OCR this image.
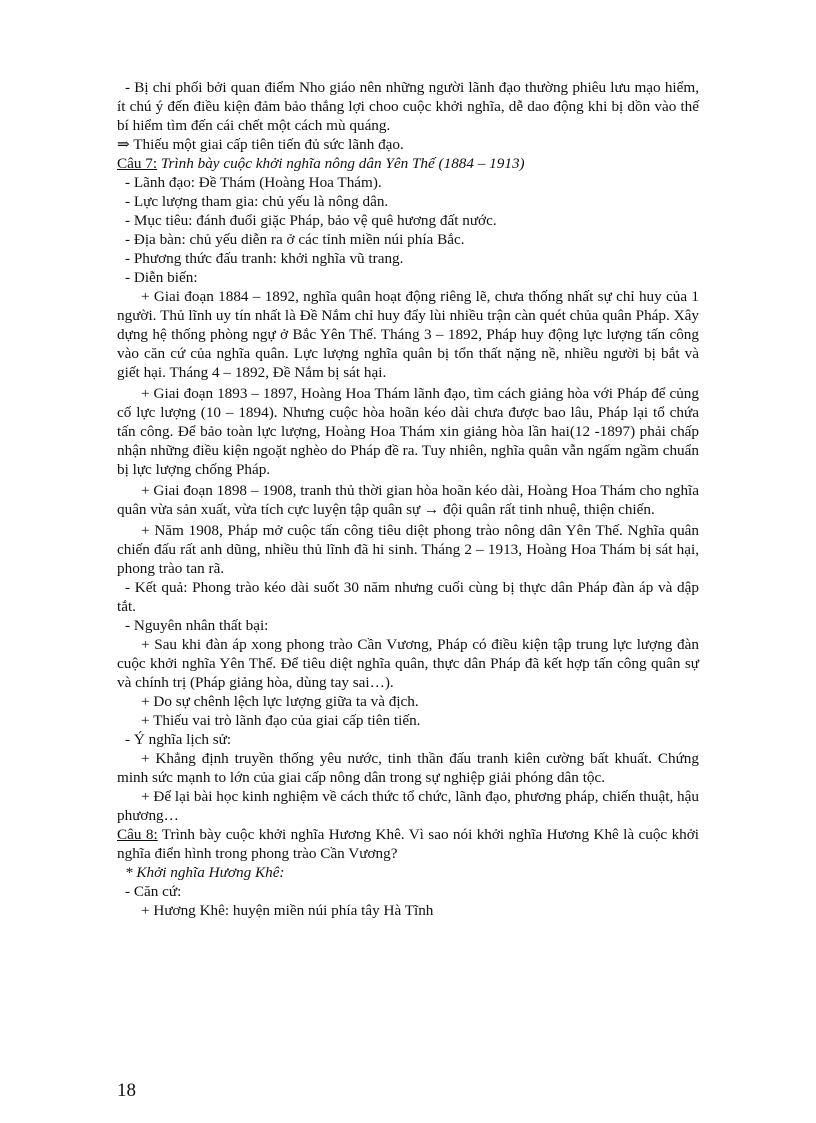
- Bị chi phối bởi quan điểm Nho giáo nên những người lãnh đạo thường phiêu lưu mạo hiểm, ít chú ý đến điều kiện đảm bảo thắng lợi choo cuộc khởi nghĩa, dễ dao động khi bị dồn vào thế bí hiểm tìm đến cái chết một cách mù quáng.

⇒ Thiếu một giai cấp tiên tiến đủ sức lãnh đạo.

Câu 7: Trình bày cuộc khởi nghĩa nông dân Yên Thế (1884 – 1913)

- Lãnh đạo: Đề Thám (Hoàng Hoa Thám).

- Lực lượng tham gia: chủ yếu là nông dân.

- Mục tiêu: đánh đuổi giặc Pháp, bảo vệ quê hương đất nước.

- Địa bàn: chủ yếu diễn ra ở các tỉnh miền núi phía Bắc.

- Phương thức đấu tranh: khởi nghĩa vũ trang.

- Diễn biến:

+ Giai đoạn 1884 – 1892, nghĩa quân hoạt động riêng lẽ, chưa thống nhất sự chỉ huy của 1 người. Thủ lĩnh uy tín nhất là Đề Nắm chỉ huy đẩy lùi nhiều trận càn quét chủa quân Pháp. Xây dựng hệ thống phòng ngự ở Bắc Yên Thế. Tháng 3 – 1892, Pháp huy động lực lượng tấn công vào căn cứ của nghĩa quân. Lực lượng nghĩa quân bị tổn thất nặng nề, nhiều người bị bắt và giết hại. Tháng 4 – 1892, Đề Nắm bị sát hại.

+ Giai đoạn 1893 – 1897, Hoàng Hoa Thám lãnh đạo, tìm cách giảng hòa với Pháp để củng cố lực lượng (10 – 1894). Nhưng cuộc hòa hoãn kéo dài chưa được bao lâu, Pháp lại tổ chứa tấn công. Để bảo toàn lực lượng, Hoàng Hoa Thám xin giảng hòa lần hai(12 -1897) phải chấp nhận những điều kiện ngoặt nghèo do Pháp đề ra. Tuy nhiên, nghĩa quân vẫn ngấm ngầm chuẩn bị lực lượng chống Pháp.

+ Giai đoạn 1898 – 1908, tranh thủ thời gian hòa hoãn kéo dài, Hoàng Hoa Thám cho nghĩa quân vừa sản xuất, vừa tích cực luyện tập quân sự → đội quân rất tinh nhuệ, thiện chiến.

+ Năm 1908, Pháp mở cuộc tấn công tiêu diệt phong trào nông dân Yên Thế. Nghĩa quân chiến đấu rất anh dũng, nhiều thủ lĩnh đã hi sinh. Tháng 2 – 1913, Hoàng Hoa Thám bị sát hại, phong trào tan rã.

- Kết quả: Phong trào kéo dài suốt 30 năm nhưng cuối cùng bị thực dân Pháp đàn áp và dập tắt.

- Nguyên nhân thất bại:

+ Sau khi đàn áp xong phong trào Cần Vương, Pháp có điều kiện tập trung lực lượng đàn cuộc khởi nghĩa Yên Thế. Để tiêu diệt nghĩa quân, thực dân Pháp đã kết hợp tấn công quân sự và chính trị (Pháp giảng hòa, dùng tay sai…).

+ Do sự chênh lệch lực lượng giữa ta và địch.

+ Thiếu vai trò lãnh đạo của giai cấp tiên tiến.

- Ý nghĩa lịch sử:

+ Khẳng định truyền thống yêu nước, tinh thần đấu tranh kiên cường bất khuất. Chứng minh sức mạnh to lớn của giai cấp nông dân trong sự nghiệp giải phóng dân tộc.

+ Để lại bài học kinh nghiệm về cách thức tổ chức, lãnh đạo, phương pháp, chiến thuật, hậu phương…

Câu 8: Trình bày cuộc khởi nghĩa Hương Khê. Vì sao nói khởi nghĩa Hương Khê là cuộc khởi nghĩa điển hình trong phong trào Cần Vương?

* Khởi nghĩa Hương Khê:

- Căn cứ:

+ Hương Khê: huyện miền núi phía tây Hà Tĩnh

18
